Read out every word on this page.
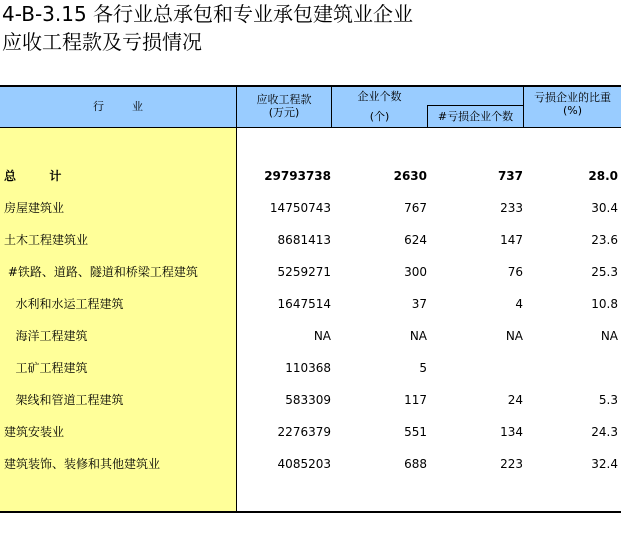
4-B-3.15 各行业总承包和专业承包建筑业企业
应收工程款及亏损情况
行        业
应收工程款
(万元)
企业个数
(个)	#亏损企业个数
亏损企业的比重
(%)
总        计	29793738	2630	737	28.0
房屋建筑业	14750743	767	233	30.4
土木工程建筑业	8681413	624	147	23.6
#铁路、道路、隧道和桥梁工程建筑	5259271	300	76	25.3
水利和水运工程建筑	1647514	37	4	10.8
海洋工程建筑	NA	NA	NA	NA
工矿工程建筑	110368	5
架线和管道工程建筑	583309	117	24	5.3
建筑安装业	2276379	551	134	24.3
建筑装饰、装修和其他建筑业	4085203	688	223	32.4
